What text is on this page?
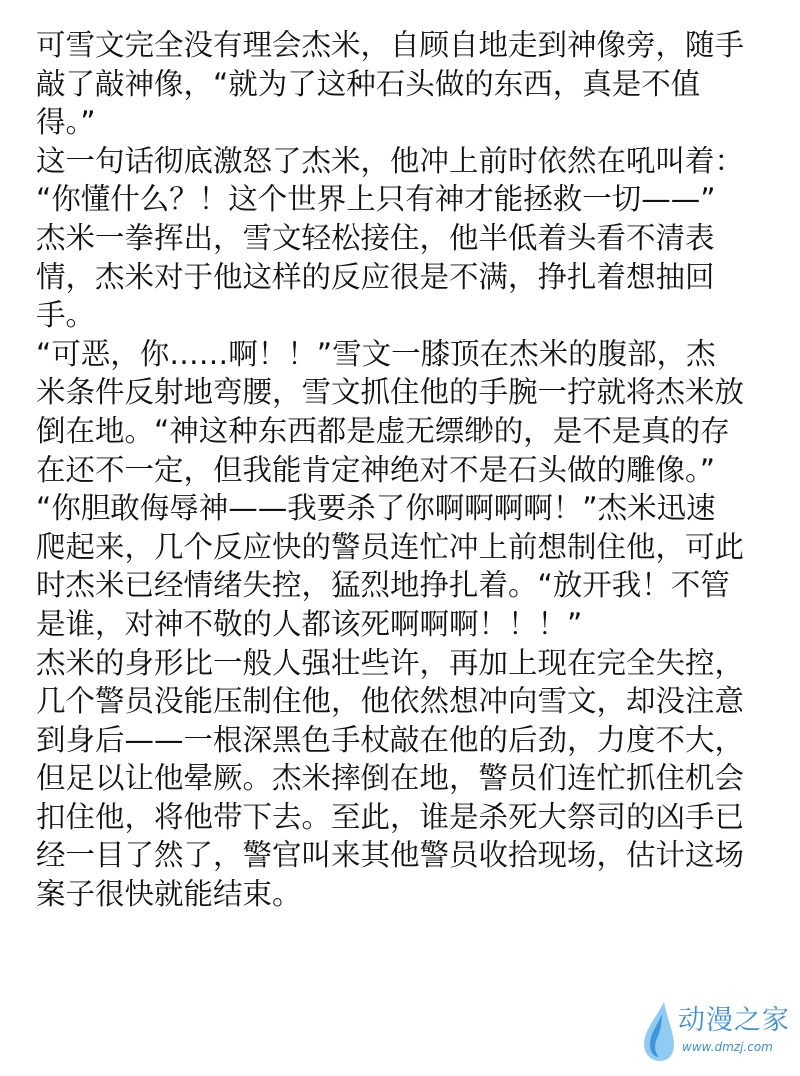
可雪文完全没有理会杰米，自顾自地走到神像旁，随手
敲了敲神像，“就为了这种石头做的东西，真是不值
得。”
这一句话彻底激怒了杰米，他冲上前时依然在吼叫着：
“你懂什么？！这个世界上只有神才能拯救一切——”
杰米一拳挥出，雪文轻松接住，他半低着头看不清表
情，杰米对于他这样的反应很是不满，挣扎着想抽回
手。
“可恶，你……啊！！”雪文一膝顶在杰米的腹部，杰
米条件反射地弯腰，雪文抓住他的手腕一拧就将杰米放
倒在地。“神这种东西都是虚无缥缈的，是不是真的存
在还不一定，但我能肯定神绝对不是石头做的雕像。”
“你胆敢侮辱神——我要杀了你啊啊啊啊！”杰米迅速
爬起来，几个反应快的警员连忙冲上前想制住他，可此
时杰米已经情绪失控，猛烈地挣扎着。“放开我！不管
是谁，对神不敬的人都该死啊啊啊！！！”
杰米的身形比一般人强壮些许，再加上现在完全失控，
几个警员没能压制住他，他依然想冲向雪文，却没注意
到身后——一根深黑色手杖敲在他的后劲，力度不大，
但足以让他晕厥。杰米摔倒在地，警员们连忙抓住机会
扣住他，将他带下去。至此，谁是杀死大祭司的凶手已
经一目了然了，警官叫来其他警员收拾现场，估计这场
案子很快就能结束。
动漫之家
www.dmzj.com
